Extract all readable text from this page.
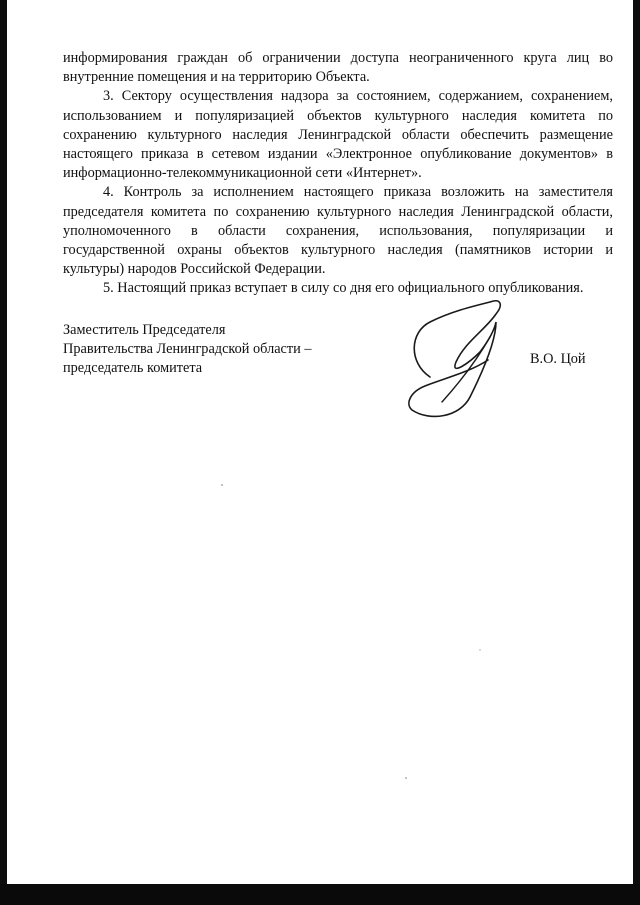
информирования граждан об ограничении доступа неограниченного круга лиц во внутренние помещения и на территорию Объекта.

3. Сектору осуществления надзора за состоянием, содержанием, сохранением, использованием и популяризацией объектов культурного наследия комитета по сохранению культурного наследия Ленинградской области обеспечить размещение настоящего приказа в сетевом издании «Электронное опубликование документов» в информационно-телекоммуникационной сети «Интернет».

4. Контроль за исполнением настоящего приказа возложить на заместителя председателя комитета по сохранению культурного наследия Ленинградской области, уполномоченного в области сохранения, использования, популяризации и государственной охраны объектов культурного наследия (памятников истории и культуры) народов Российской Федерации.

5. Настоящий приказ вступает в силу со дня его официального опубликования.

Заместитель Председателя
Правительства Ленинградской области –
председатель комитета
В.О. Цой
